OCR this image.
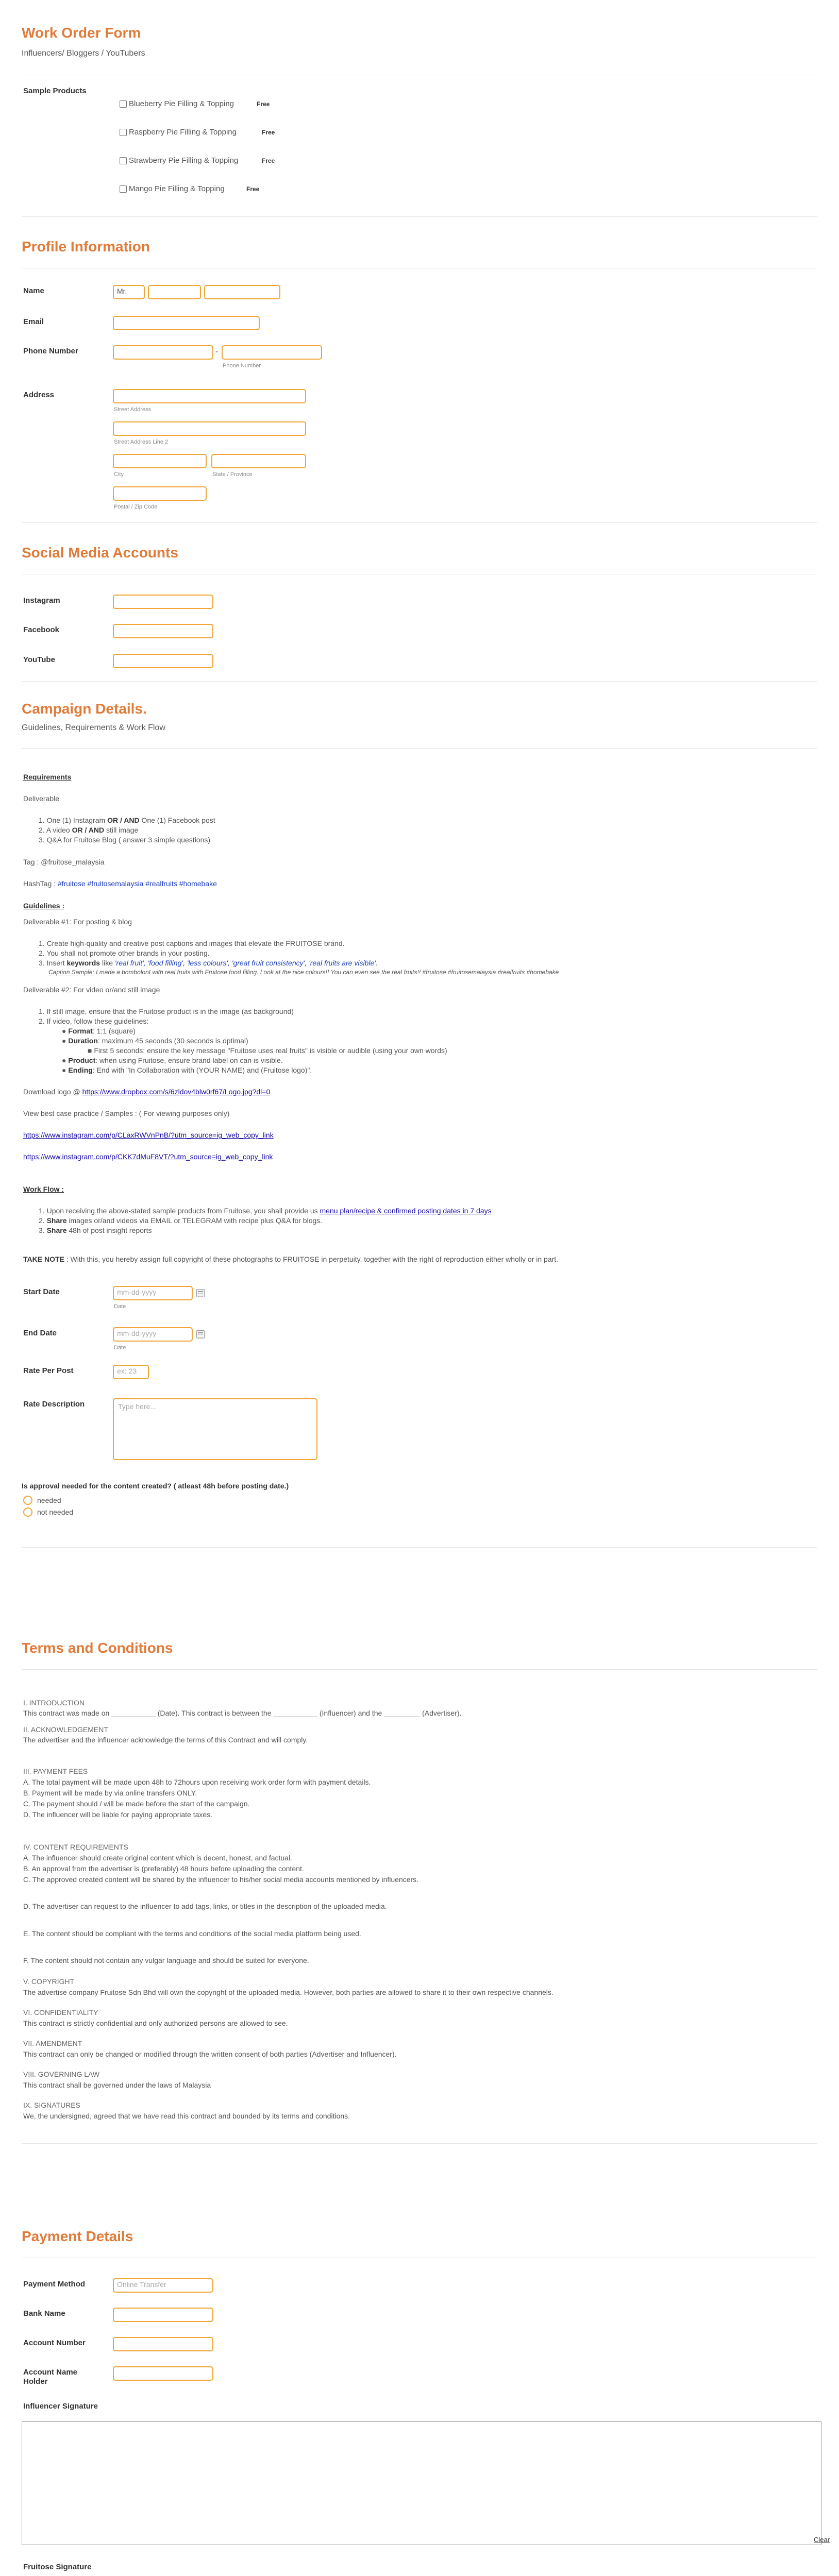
Work Order Form
Influencers/ Bloggers / YouTubers
Sample Products
Blueberry Pie Filling & Topping	Free
Raspberry Pie Filling & Topping	Free
Strawberry Pie Filling & Topping	Free
Mango Pie Filling & Topping	Free
Profile Information
Name	Mr.
Email
Phone Number	-
Phone Number
Address
Street Address
Street Address Line 2
City	State / Province
Postal / Zip Code
Social Media Accounts
Instagram
Facebook
YouTube
Campaign Details.
Guidelines, Requirements & Work Flow
Requirements
Deliverable
1. One (1) Instagram OR / AND One (1) Facebook post
2. A video OR / AND still image
3. Q&A for Fruitose Blog ( answer 3 simple questions)
Tag : @fruitose_malaysia
HashTag : #fruitose #fruitosemalaysia #realfruits #homebake
Guidelines :
Deliverable #1: For posting & blog
1. Create high-quality and creative post captions and images that elevate the FRUITOSE brand.
2. You shall not promote other brands in your posting.
3. Insert keywords like 'real fruit', 'food filling', 'less colours', 'great fruit consistency', 'real fruits are visible'.
Caption Sample: I made a bombolonI with real fruits with Fruitose food filling. Look at the nice colours!! You can even see the real fruits!! #fruitose #fruitosemalaysia #realfruits #homebake
Deliverable #2: For video or/and still image
1. If still image, ensure that the Fruitose product is in the image (as background)
2. If video, follow these guidelines:
● Format: 1:1 (square)
● Duration: maximum 45 seconds (30 seconds is optimal)
■ First 5 seconds: ensure the key message "Fruitose uses real fruits" is visible or audible (using your own words)
● Product: when using Fruitose, ensure brand label on can is visible.
● Ending: End with "In Collaboration with (YOUR NAME) and (Fruitose logo)".
Download logo @ https://www.dropbox.com/s/6zldov4blw0rf67/Logo.jpg?dl=0
View best case practice / Samples : ( For viewing purposes only)
https://www.instagram.com/p/CLaxRWVnPnB/?utm_source=ig_web_copy_link
https://www.instagram.com/p/CKK7dMuF8VT/?utm_source=ig_web_copy_link
Work Flow :
1. Upon receiving the above-stated sample products from Fruitose, you shall provide us menu plan/recipe & confirmed posting dates in 7 days
2. Share images or/and videos via EMAIL or TELEGRAM with recipe plus Q&A for blogs.
3. Share 48h of post insight reports
TAKE NOTE : With this, you hereby assign full copyright of these photographs to FRUITOSE in perpetuity, together with the right of reproduction either wholly or in part.
Start Date	mm-dd-yyyy
Date
End Date	mm-dd-yyyy
Date
Rate Per Post	ex: 23
Rate Description	Type here...
Is approval needed for the content created? ( atleast 48h before posting date.)
needed
not needed
Terms and Conditions
I. INTRODUCTION
This contract was made on ___________ (Date). This contract is between the ___________ (Influencer) and the _________ (Advertiser).
II. ACKNOWLEDGEMENT
The advertiser and the influencer acknowledge the terms of this Contract and will comply.
III. PAYMENT FEES
A. The total payment will be made upon 48h to 72hours upon receiving work order form with payment details.
B. Payment will be made by via online transfers ONLY.
C. The payment should / will be made before the start of the campaign.
D. The influencer will be liable for paying appropriate taxes.
IV. CONTENT REQUIREMENTS
A. The influencer should create original content which is decent, honest, and factual.
B. An approval from the advertiser is (preferably) 48 hours before uploading the content.
C. The approved created content will be shared by the influencer to his/her social media accounts mentioned by influencers.
D. The advertiser can request to the influencer to add tags, links, or titles in the description of the uploaded media.
E. The content should be compliant with the terms and conditions of the social media platform being used.
F. The content should not contain any vulgar language and should be suited for everyone.
V. COPYRIGHT
The advertise company Fruitose Sdn Bhd will own the copyright of the uploaded media. However, both parties are allowed to share it to their own respective channels.
VI. CONFIDENTIALITY
This contract is strictly confidential and only authorized persons are allowed to see.
VII. AMENDMENT
This contract can only be changed or modified through the written consent of both parties (Advertiser and Influencer).
VIII. GOVERNING LAW
This contract shall be governed under the laws of Malaysia
IX. SIGNATURES
We, the undersigned, agreed that we have read this contract and bounded by its terms and conditions.
Payment Details
Payment Method	Online Transfer
Bank Name
Account Number
Account Name
Holder
Influencer Signature
Clear
Fruitose Signature
